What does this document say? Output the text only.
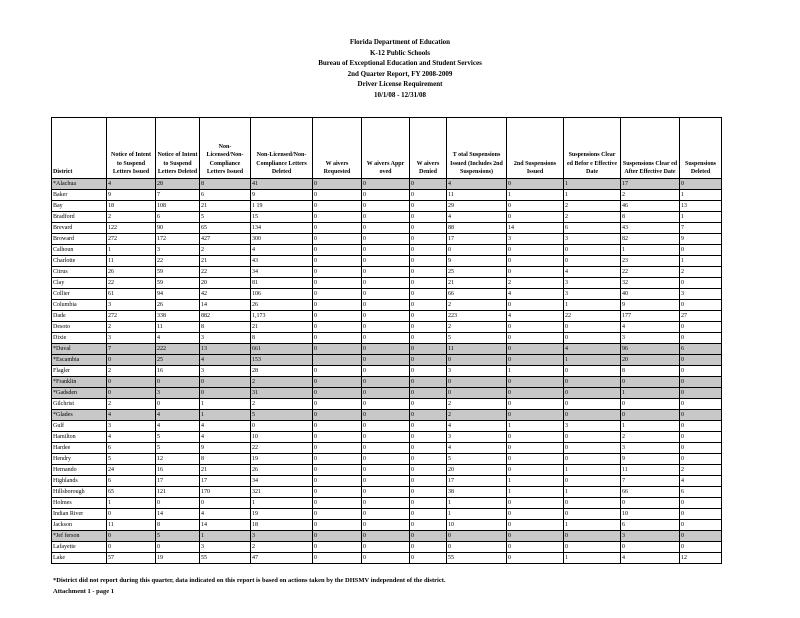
Florida Department of Education
K-12 Public Schools
Bureau of Exceptional Education and Student Services
2nd Quarter Report, FY 2008-2009
Driver License Requirement
10/1/08 - 12/31/08
District	Notice of Intent to Suspend Letters Issued	Notice of Intent to Suspend Letters Deleted	Non-Licensed/Non-Compliance Letters Issued	Non-Licensed/Non-Compliance Letters Deleted	W aivers Requested	W aivers Appr oved	W aivers Denied	T otal Suspensions Issued (Includes 2nd Suspensions)	2nd Suspensions Issued	Suspensions Clear ed Befor e Effective Date	Suspensions Clear ed After Effective Date	Suspensions Deleted
*Alachua	4	28	8	41	0	0	0	4	0	1	17	0
Baker	9	7	6	9	0	0	0	11	1	1	2	1
Bay	18	108	21	1 19	0	0	0	29	0	2	46	13
Bradford	2	6	5	15	0	0	0	4	0	2	8	1
Brevard	122	90	65	134	0	0	0	88	14	6	43	7
Broward	272	172	427	300	0	0	0	17	3	3	82	9
Calhoun	1	3	2	4	0	0	0	0	0	0	1	0
Charlotte	11	22	21	43	0	0	0	9	0	0	23	1
Citrus	26	59	22	34	0	0	0	25	0	4	22	2
Clay	22	59	20	81	0	0	0	21	2	3	32	0
Collier	61	94	42	106	0	0	0	66	4	3	40	3
Columbia	3	26	14	26	0	0	0	2	0	1	9	0
Dade	272	338	882	1,173	0	0	0	223	4	22	177	27
Desoto	2	11	8	21	0	0	0	2	0	0	4	0
Dixie	3	4	3	8	0	0	0	5	0	0	3	0
*Duval	7	222	13	661	0	0	0	11	0	4	96	6
*Escambia	0	25	4	153		0	0	0	0	1	20	0
Flagler	2	16	3	28	0	0	0	3	1	0	8	0
*Franklin	0	0	0	2	0	0	0	0	0	0	0	0
*Gadsden	0	3	0	31	0	0	0	0	0	0	1	0
Gilchrist	2	0	1	2	0	0	0	2	0	0	0	0
*Glades	4	4	1	5	0	0	0	2	0	0	0	0
Gulf	3	4	4	0	0	0	0	4	1	3	1	0
Hamilton	4	5	4	10	0	0	0	3	0	0	2	0
Hardee	6	5	9	22	0	0	0	4	0	0	3	0
Hendry	5	12	8	19	0	0	0	5	0	0	9	0
Hernando	24	16	21	26	0	0	0	20	0	1	11	2
Highlands	6	17	17	34	0	0	0	17	1	0	7	4
Hillsborough	65	121	170	321	0	0	0	38	1	1	66	6
Holmes	1	0	0	1	0	0	0	1	0	0	0	0
Indian River	0	14	4	19	0	0	0	1	0	0	10	0
Jackson	11	8	14	18	0	0	0	10	0	1	6	0
*Jef ferson	0	5	1	3	0	0	0	0	0	0	3	0
Lafayette	0	0	3	2	0	0	0	0	0	0	0	0
Lake	57	19	55	47	0	0	0	55	0	1	4	12
*District did not report during this quarter, data indicated on this report is based on actions taken by the DHSMV independent of the district.
Attachment 1 - page 1
